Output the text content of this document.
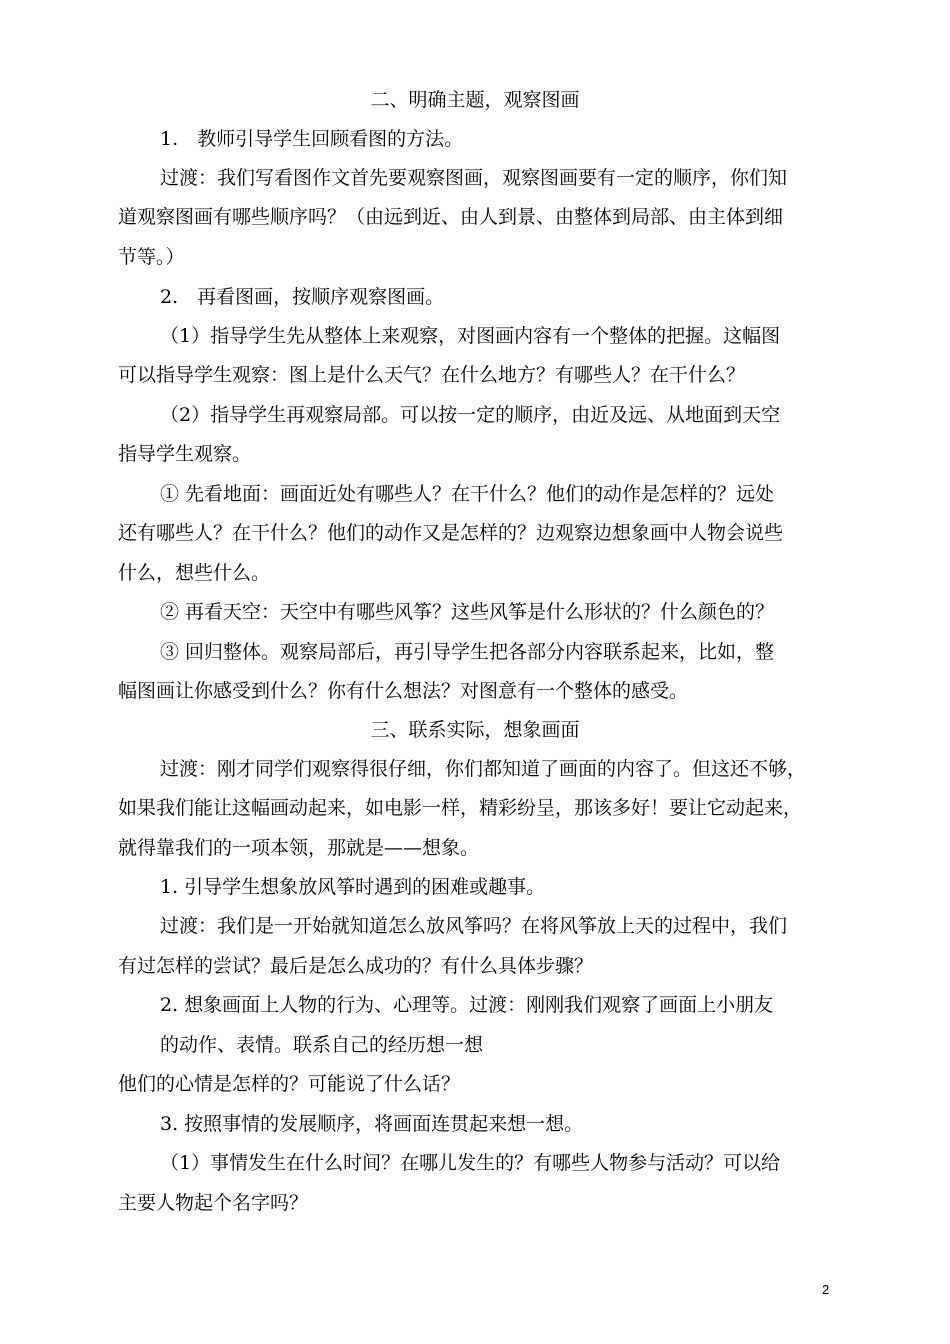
二、明确主题，观察图画

1.　教师引导学生回顾看图的方法。

过渡：我们写看图作文首先要观察图画，观察图画要有一定的顺序，你们知

道观察图画有哪些顺序吗？（由远到近、由人到景、由整体到局部、由主体到细

节等。）

2.　再看图画，按顺序观察图画。

（1）指导学生先从整体上来观察，对图画内容有一个整体的把握。这幅图

可以指导学生观察：图上是什么天气？在什么地方？有哪些人？在干什么？

（2）指导学生再观察局部。可以按一定的顺序，由近及远、从地面到天空

指导学生观察。

① 先看地面：画面近处有哪些人？在干什么？他们的动作是怎样的？远处

还有哪些人？在干什么？他们的动作又是怎样的？边观察边想象画中人物会说些

什么，想些什么。

② 再看天空：天空中有哪些风筝？这些风筝是什么形状的？什么颜色的？

③ 回归整体。观察局部后，再引导学生把各部分内容联系起来，比如，整

幅图画让你感受到什么？你有什么想法？对图意有一个整体的感受。

三、联系实际，想象画面

过渡：刚才同学们观察得很仔细，你们都知道了画面的内容了。但这还不够，

如果我们能让这幅画动起来，如电影一样，精彩纷呈，那该多好！要让它动起来，

就得靠我们的一项本领，那就是——想象。

1. 引导学生想象放风筝时遇到的困难或趣事。

过渡：我们是一开始就知道怎么放风筝吗？在将风筝放上天的过程中，我们

有过怎样的尝试？最后是怎么成功的？有什么具体步骤？

2. 想象画面上人物的行为、心理等。过渡：刚刚我们观察了画面上小朋友

的动作、表情。联系自己的经历想一想

他们的心情是怎样的？可能说了什么话？

3. 按照事情的发展顺序，将画面连贯起来想一想。

（1）事情发生在什么时间？在哪儿发生的？有哪些人物参与活动？可以给

主要人物起个名字吗？

2
